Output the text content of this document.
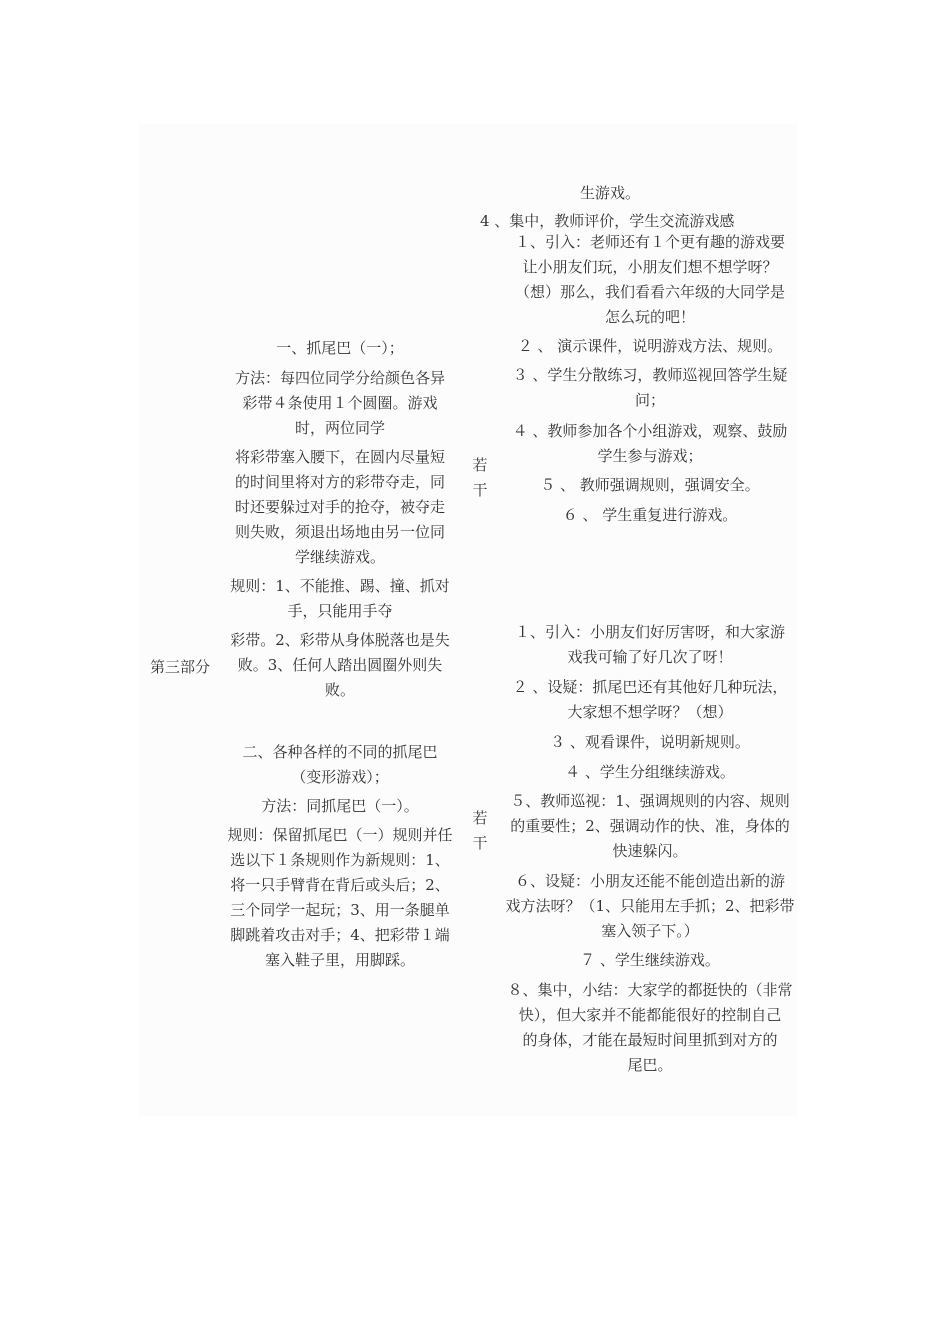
生游戏。
4 、集中，教师评价，学生交流游戏感
第三部分
若
干
若
干
一、抓尾巴（一）；
方法：每四位同学分给颜色各异
彩带４条使用１个圆圈。游戏
时，两位同学
将彩带塞入腰下，在圆内尽量短
的时间里将对方的彩带夺走，同
时还要躲过对手的抢夺，被夺走
则失败，须退出场地由另一位同
学继续游戏。
规则：1、不能推、踢、撞、抓对
手，只能用手夺
彩带。2、彩带从身体脱落也是失
败。3、任何人踏出圆圈外则失
败。
二、各种各样的不同的抓尾巴
（变形游戏）；
方法：同抓尾巴（一）。
规则：保留抓尾巴（一）规则并任
选以下１条规则作为新规则：1、
将一只手臂背在背后或头后；2、
三个同学一起玩；3、用一条腿单
脚跳着攻击对手；4、把彩带１端
塞入鞋子里，用脚踩。
１、引入：老师还有１个更有趣的游戏要
让小朋友们玩，小朋友们想不想学呀？
（想）那么，我们看看六年级的大同学是
怎么玩的吧！
２ 、 演示课件，说明游戏方法、规则。
３ 、学生分散练习，教师巡视回答学生疑
问；
４ 、教师参加各个小组游戏，观察、鼓励
学生参与游戏；
５ 、 教师强调规则，强调安全。
６ 、 学生重复进行游戏。
１、引入：小朋友们好厉害呀，和大家游
戏我可输了好几次了呀！
２ 、设疑：抓尾巴还有其他好几种玩法，
大家想不想学呀？（想）
３ 、观看课件，说明新规则。
４ 、学生分组继续游戏。
５、教师巡视：1、强调规则的内容、规则
的重要性；2、强调动作的快、准，身体的
快速躲闪。
６、设疑：小朋友还能不能创造出新的游
戏方法呀？（1、只能用左手抓；2、把彩带
塞入领子下。）
７ 、学生继续游戏。
８、集中，小结：大家学的都挺快的（非常
快），但大家并不能都能很好的控制自己
的身体，才能在最短时间里抓到对方的
尾巴。
